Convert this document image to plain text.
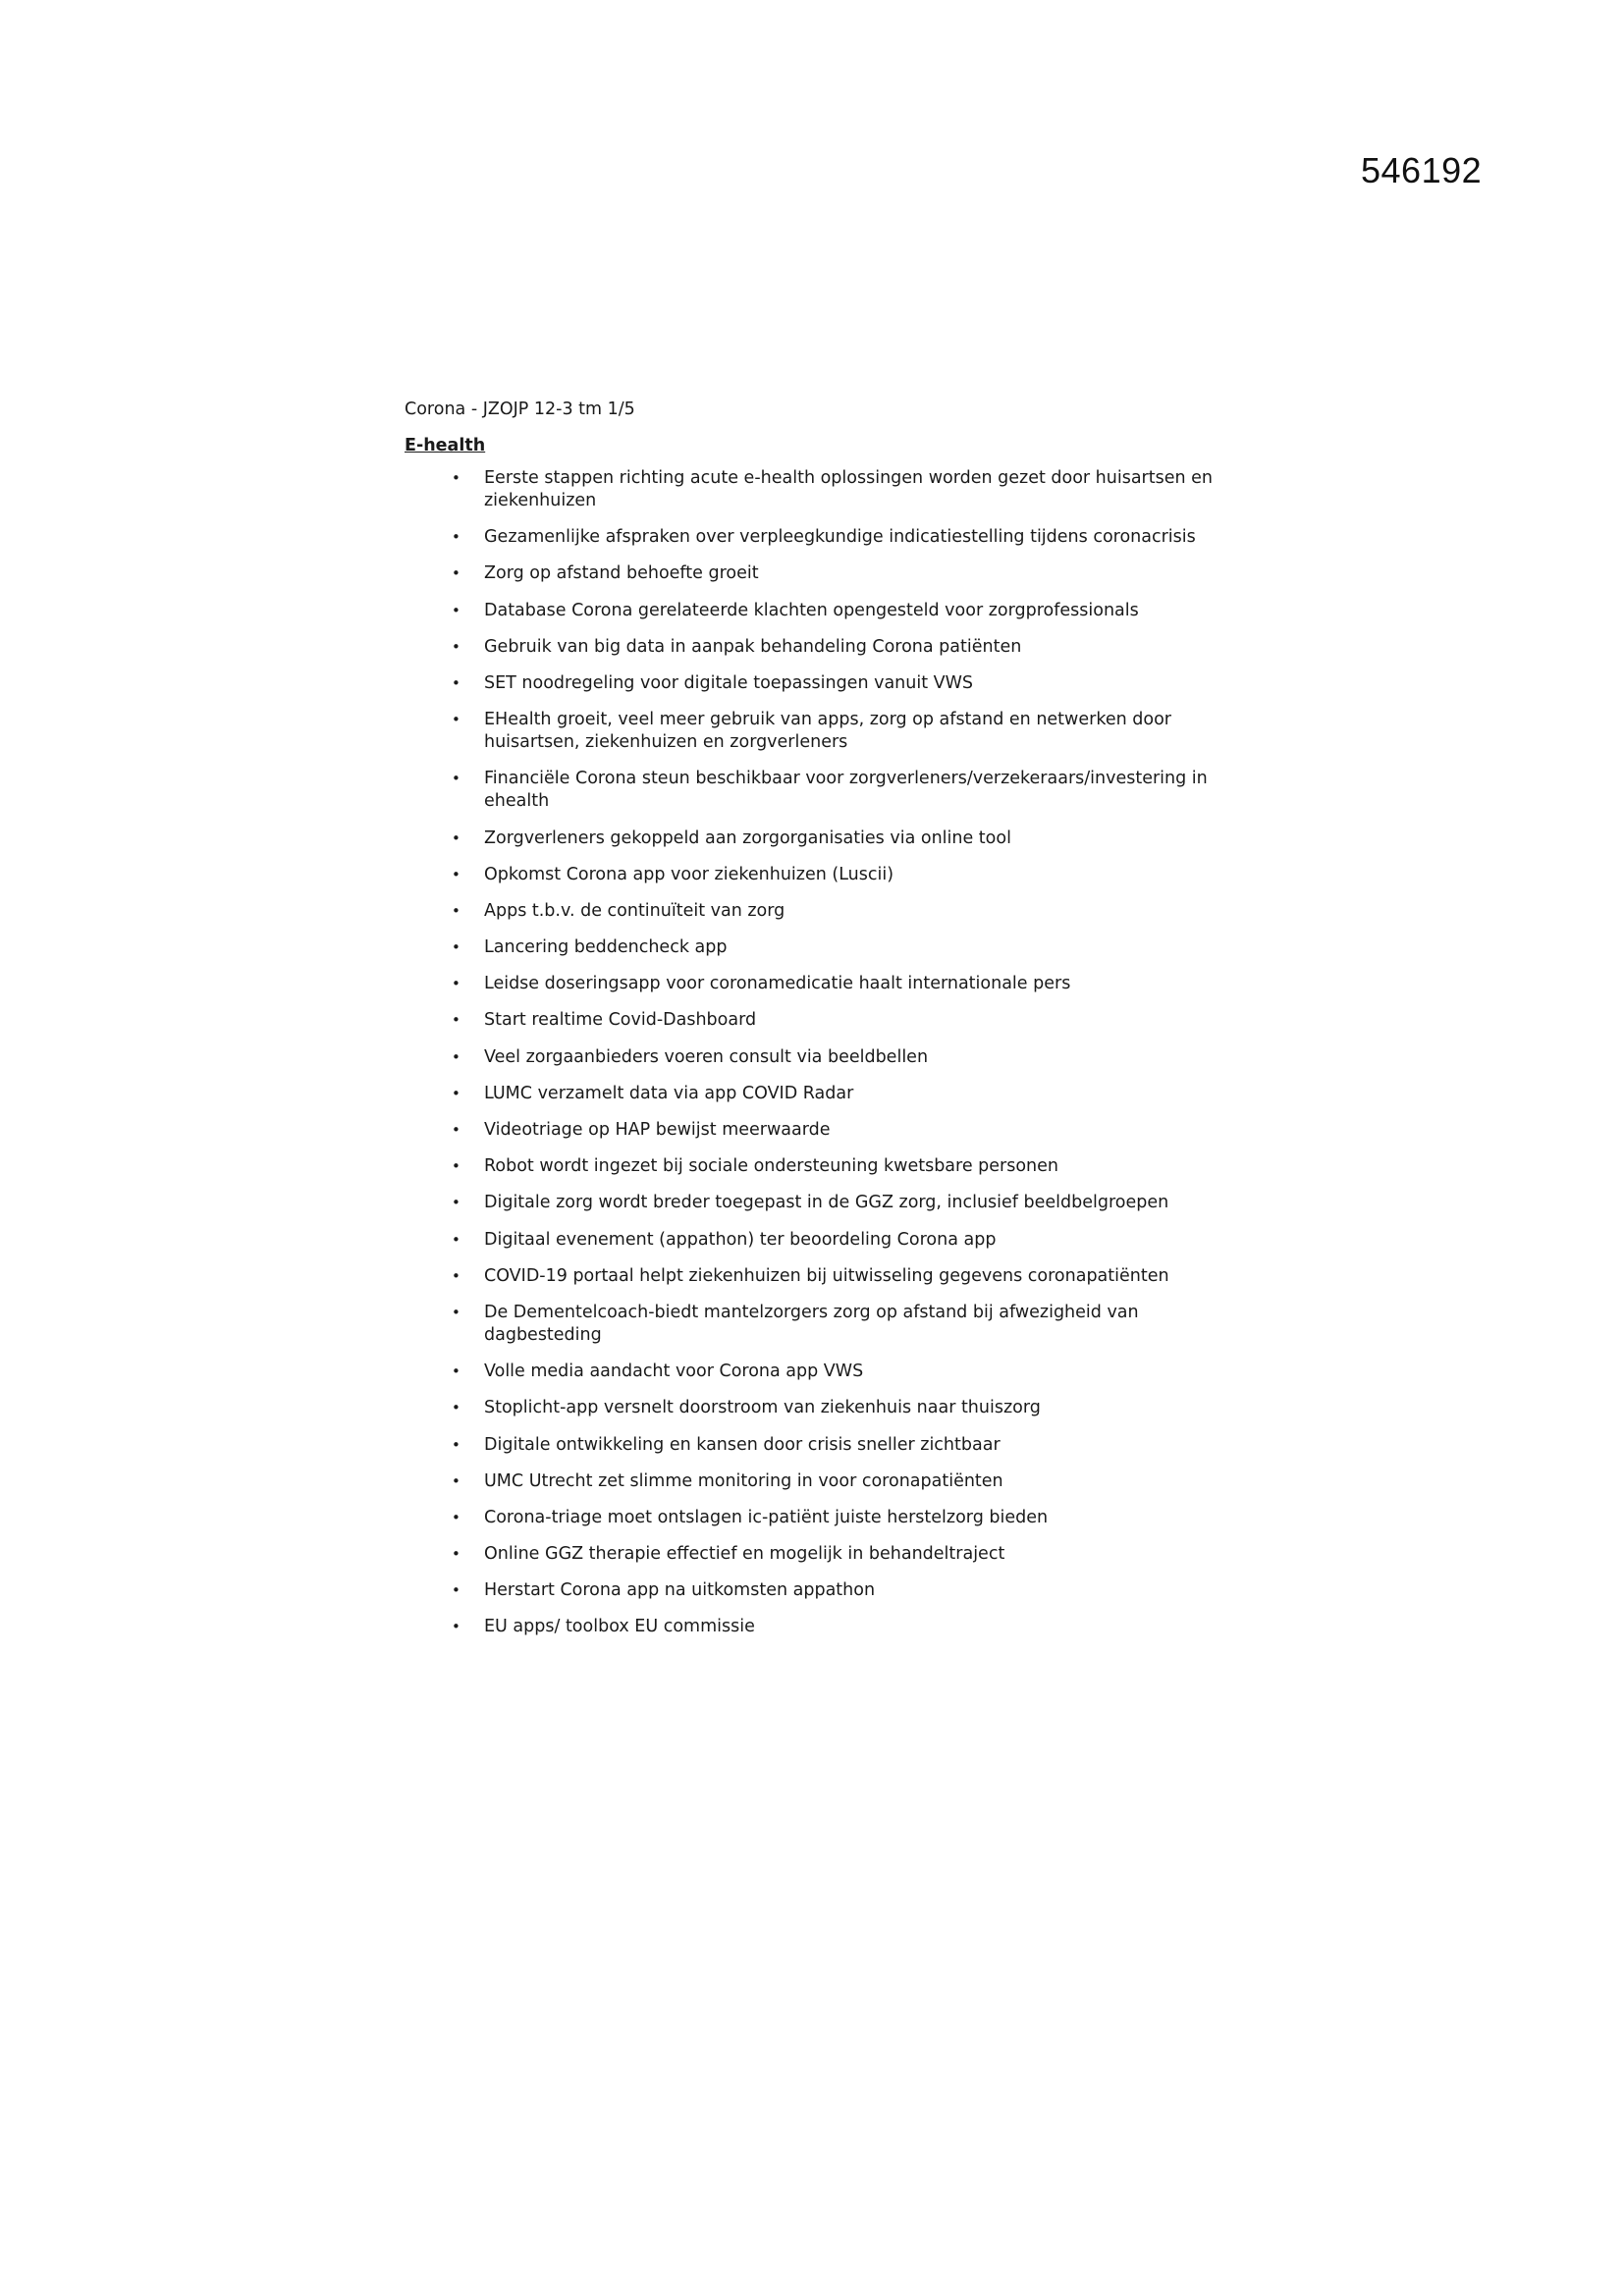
546192

Corona - JZOJP 12-3 tm 1/5

E-health

• Eerste stappen richting acute e-health oplossingen worden gezet door huisartsen en ziekenhuizen
• Gezamenlijke afspraken over verpleegkundige indicatiestelling tijdens coronacrisis
• Zorg op afstand behoefte groeit
• Database Corona gerelateerde klachten opengesteld voor zorgprofessionals
• Gebruik van big data in aanpak behandeling Corona patiënten
• SET noodregeling voor digitale toepassingen vanuit VWS
• EHealth groeit, veel meer gebruik van apps, zorg op afstand en netwerken door huisartsen, ziekenhuizen en zorgverleners
• Financiële Corona steun beschikbaar voor zorgverleners/verzekeraars/investering in ehealth
• Zorgverleners gekoppeld aan zorgorganisaties via online tool
• Opkomst Corona app voor ziekenhuizen (Luscii)
• Apps t.b.v. de continuïteit van zorg
• Lancering beddencheck app
• Leidse doseringsapp voor coronamedicatie haalt internationale pers
• Start realtime Covid-Dashboard
• Veel zorgaanbieders voeren consult via beeldbellen
• LUMC verzamelt data via app COVID Radar
• Videotriage op HAP bewijst meerwaarde
• Robot wordt ingezet bij sociale ondersteuning kwetsbare personen
• Digitale zorg wordt breder toegepast in de GGZ zorg, inclusief beeldbelgroepen
• Digitaal evenement (appathon) ter beoordeling Corona app
• COVID-19 portaal helpt ziekenhuizen bij uitwisseling gegevens coronapatiënten
• De Dementelcoach-biedt mantelzorgers zorg op afstand bij afwezigheid van dagbesteding
• Volle media aandacht voor Corona app VWS
• Stoplicht-app versnelt doorstroom van ziekenhuis naar thuiszorg
• Digitale ontwikkeling en kansen door crisis sneller zichtbaar
• UMC Utrecht zet slimme monitoring in voor coronapatiënten
• Corona-triage moet ontslagen ic-patiënt juiste herstelzorg bieden
• Online GGZ therapie effectief en mogelijk in behandeltraject
• Herstart Corona app na uitkomsten appathon
• EU apps/ toolbox EU commissie
